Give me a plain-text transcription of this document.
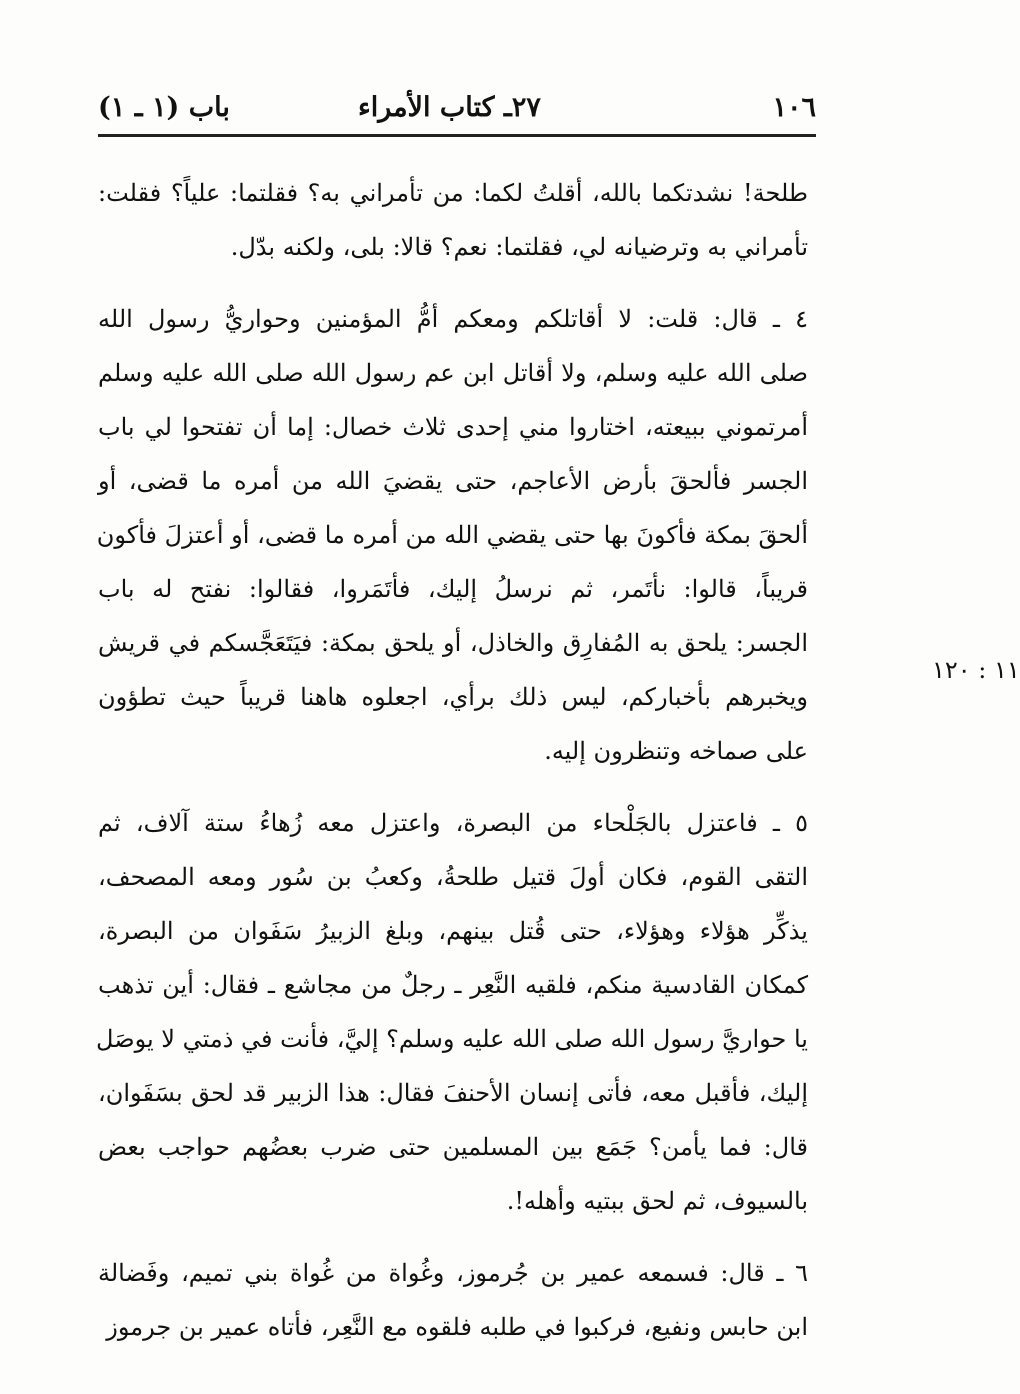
١٠٦
٢٧ـ كتاب الأمراء
باب (١ ـ ١)
١١ : ١٢٠
طلحة! نشدتكما بالله، أقلتُ لكما: من تأمراني به؟ فقلتما: علياً؟ فقلت:
تأمراني به وترضيانه لي، فقلتما: نعم؟ قالا: بلى، ولكنه بدّل.
٤ ـ قال: قلت: لا أقاتلكم ومعكم أمُّ المؤمنين وحواريُّ رسول الله
صلى الله عليه وسلم، ولا أقاتل ابن عم رسول الله صلى الله عليه وسلم
أمرتموني ببيعته، اختاروا مني إحدى ثلاث خصال: إما أن تفتحوا لي باب
الجسر فألحقَ بأرض الأعاجم، حتى يقضيَ الله من أمره ما قضى، أو
ألحقَ بمكة فأكونَ بها حتى يقضي الله من أمره ما قضى، أو أعتزلَ فأكون
قريباً، قالوا: نأتَمر، ثم نرسلُ إليك، فأتَمَروا، فقالوا: نفتح له باب
الجسر: يلحق به المُفارِق والخاذل، أو يلحق بمكة: فيَتَعَجَّسكم في قريش
ويخبرهم بأخباركم، ليس ذلك برأي، اجعلوه هاهنا قريباً حيث تطؤون
على صماخه وتنظرون إليه.
٥ ـ فاعتزل بالجَلْحاء من البصرة، واعتزل معه زُهاءُ ستة آلاف، ثم
التقى القوم، فكان أولَ قتيل طلحةُ، وكعبُ بن سُور ومعه المصحف،
يذكِّر هؤلاء وهؤلاء، حتى قُتل بينهم، وبلغ الزبيرُ سَفَوان من البصرة،
كمكان القادسية منكم، فلقيه النَّعِر ـ رجلٌ من مجاشع ـ فقال: أين تذهب
يا حواريَّ رسول الله صلى الله عليه وسلم؟ إليَّ، فأنت في ذمتي لا يوصَل
إليك، فأقبل معه، فأتى إنسان الأحنفَ فقال: هذا الزبير قد لحق بسَفَوان،
قال: فما يأمن؟ جَمَع بين المسلمين حتى ضرب بعضُهم حواجب بعض
بالسيوف، ثم لحق ببتيه وأهله!.
٦ ـ قال: فسمعه عمير بن جُرموز، وغُواة من غُواة بني تميم، وفَضالة
ابن حابس ونفيع، فركبوا في طلبه فلقوه مع النَّعِر، فأتاه عمير بن جرموز
